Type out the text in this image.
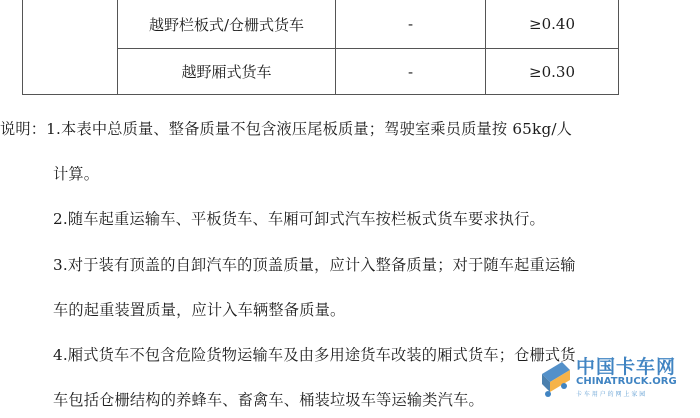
越野栏板式/仓栅式货车	-	≥0.40
越野厢式货车	-	≥0.30
说明：1.本表中总质量、整备质量不包含液压尾板质量；驾驶室乘员质量按 65kg/人
计算。
2.随车起重运输车、平板货车、车厢可卸式汽车按栏板式货车要求执行。
3.对于装有顶盖的自卸汽车的顶盖质量，应计入整备质量；对于随车起重运输
车的起重装置质量，应计入车辆整备质量。
4.厢式货车不包含危险货物运输车及由多用途货车改装的厢式货车；仓栅式货
车包括仓栅结构的养蜂车、畜禽车、桶装垃圾车等运输类汽车。
中国卡车网
CHINATRUCK.ORG
卡 车 用 户 的 网 上 家 园
